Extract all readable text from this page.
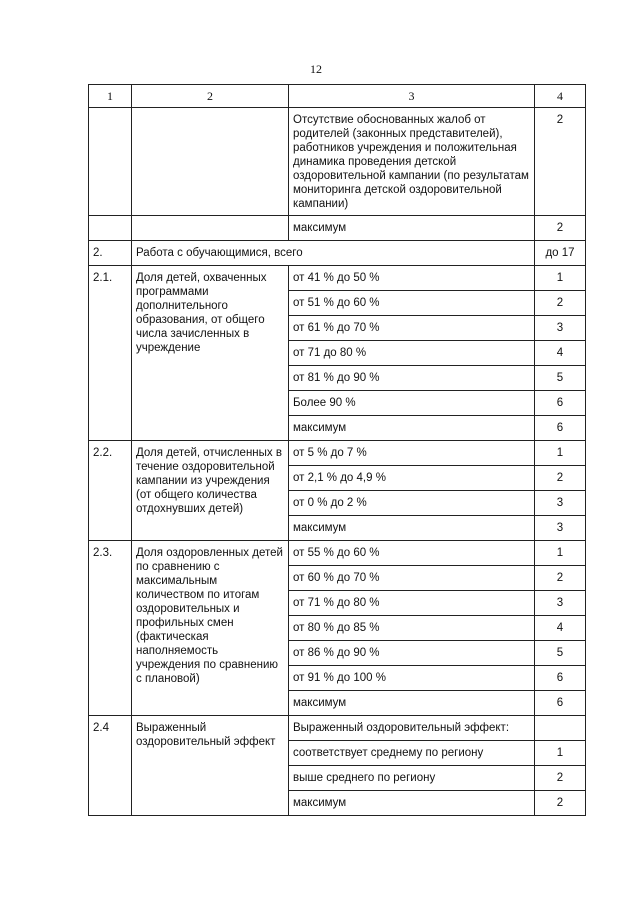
12
1	2	3	4
		Отсутствие обоснованных жалоб от родителей (законных представителей), работников учреждения и положительная динамика проведения детской оздоровительной кампании (по результатам мониторинга детской оздоровительной кампании)	2
		максимум	2
2.	Работа с обучающимися, всего		до 17
2.1.	Доля детей, охваченных программами дополнительного образования, от общего числа зачисленных в учреждение	от 41 % до 50 %	1
		от 51 % до 60 %	2
		от 61 % до 70 %	3
		от 71 до 80 %	4
		от 81 % до 90 %	5
		Более 90 %	6
		максимум	6
2.2.	Доля детей, отчисленных в течение оздоровительной кампании из учреждения (от общего количества отдохнувших детей)	от 5 % до 7 %	1
		от 2,1 % до 4,9 %	2
		от 0 % до 2 %	3
		максимум	3
2.3.	Доля оздоровленных детей по сравнению с максимальным количеством по итогам оздоровительных и профильных смен (фактическая наполняемость учреждения по сравнению с плановой)	от 55 % до 60 %	1
		от 60 % до 70 %	2
		от 71 % до 80 %	3
		от 80 % до 85 %	4
		от 86 % до 90 %	5
		от 91 % до 100 %	6
		максимум	6
2.4	Выраженный оздоровительный эффект	Выраженный оздоровительный эффект:	
		соответствует среднему по региону	1
		выше среднего по региону	2
		максимум	2
